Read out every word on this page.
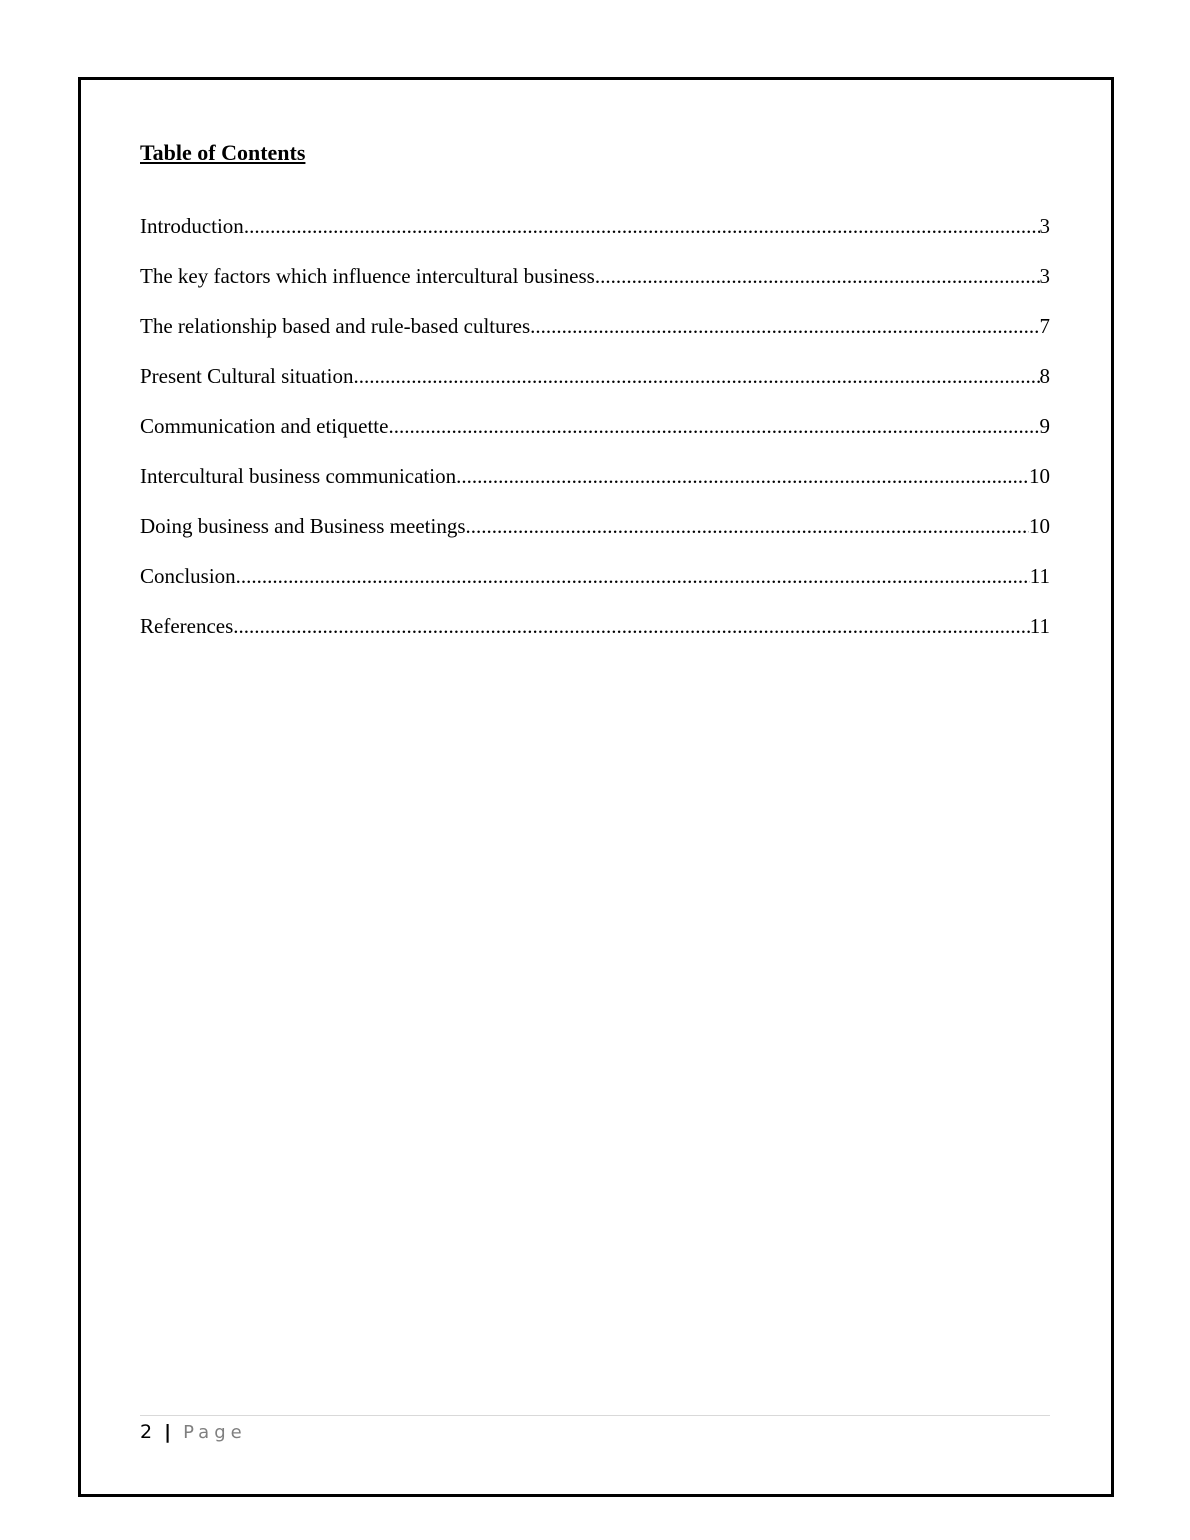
Table of Contents
Introduction .....	3
The key factors which influence intercultural business .....	3
The relationship based and rule-based cultures .....	7
Present Cultural situation .....	8
Communication and etiquette .....	9
Intercultural business communication .....	10
Doing business and Business meetings .....	10
Conclusion .....	11
References .....	11
2 | Page
